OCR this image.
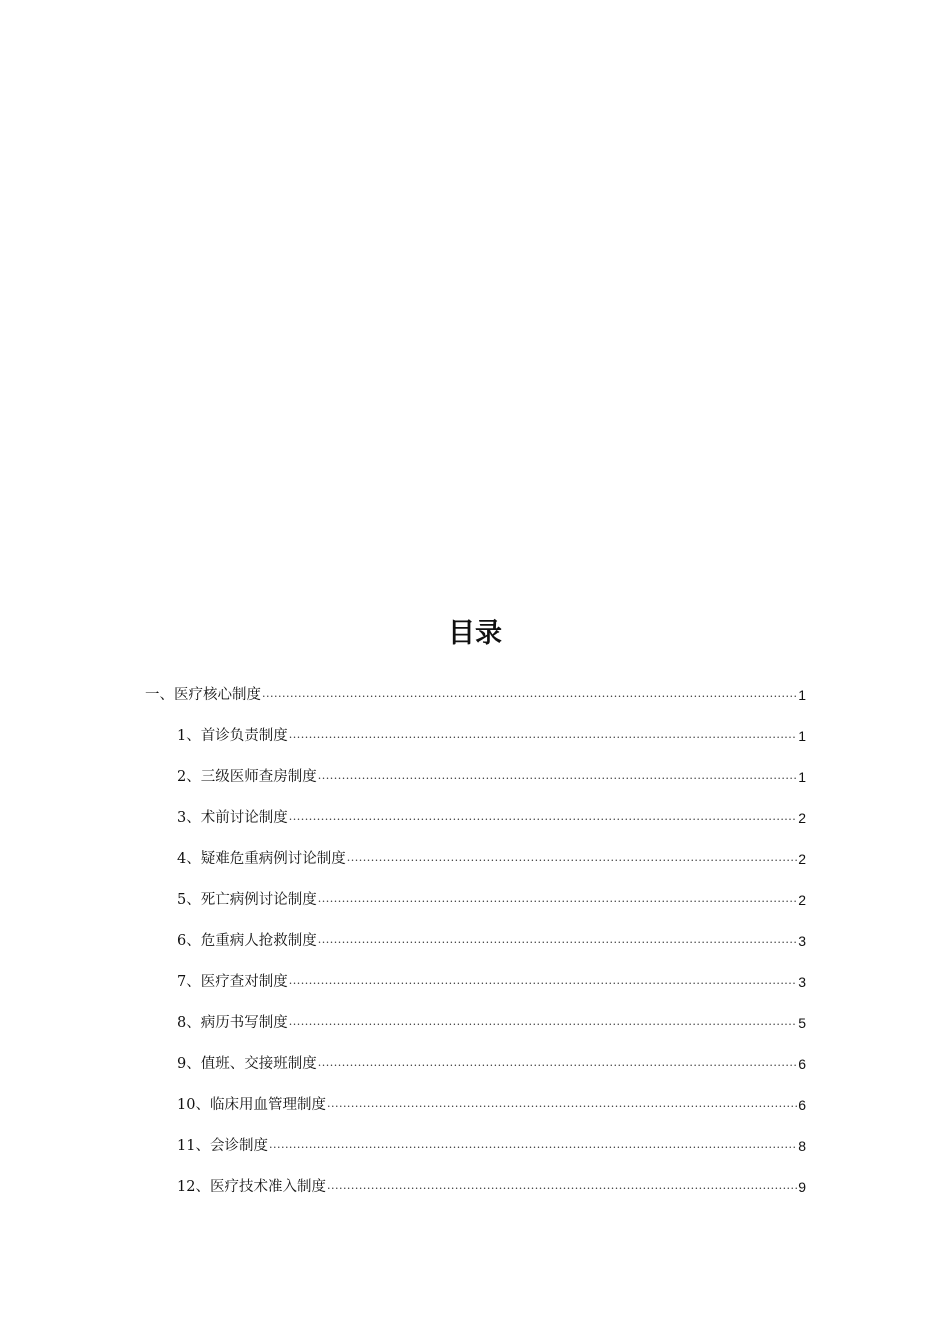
目录
一、医疗核心制度 .....	1
1、首诊负责制度 .....	1
2、三级医师查房制度 .....	1
3、术前讨论制度 .....	2
4、疑难危重病例讨论制度 .....	2
5、死亡病例讨论制度 .....	2
6、危重病人抢救制度 .....	3
7、医疗查对制度 .....	3
8、病历书写制度 .....	5
9、值班、交接班制度 .....	6
10、临床用血管理制度 .....	6
11、会诊制度 .....	8
12、医疗技术准入制度 .....	9
